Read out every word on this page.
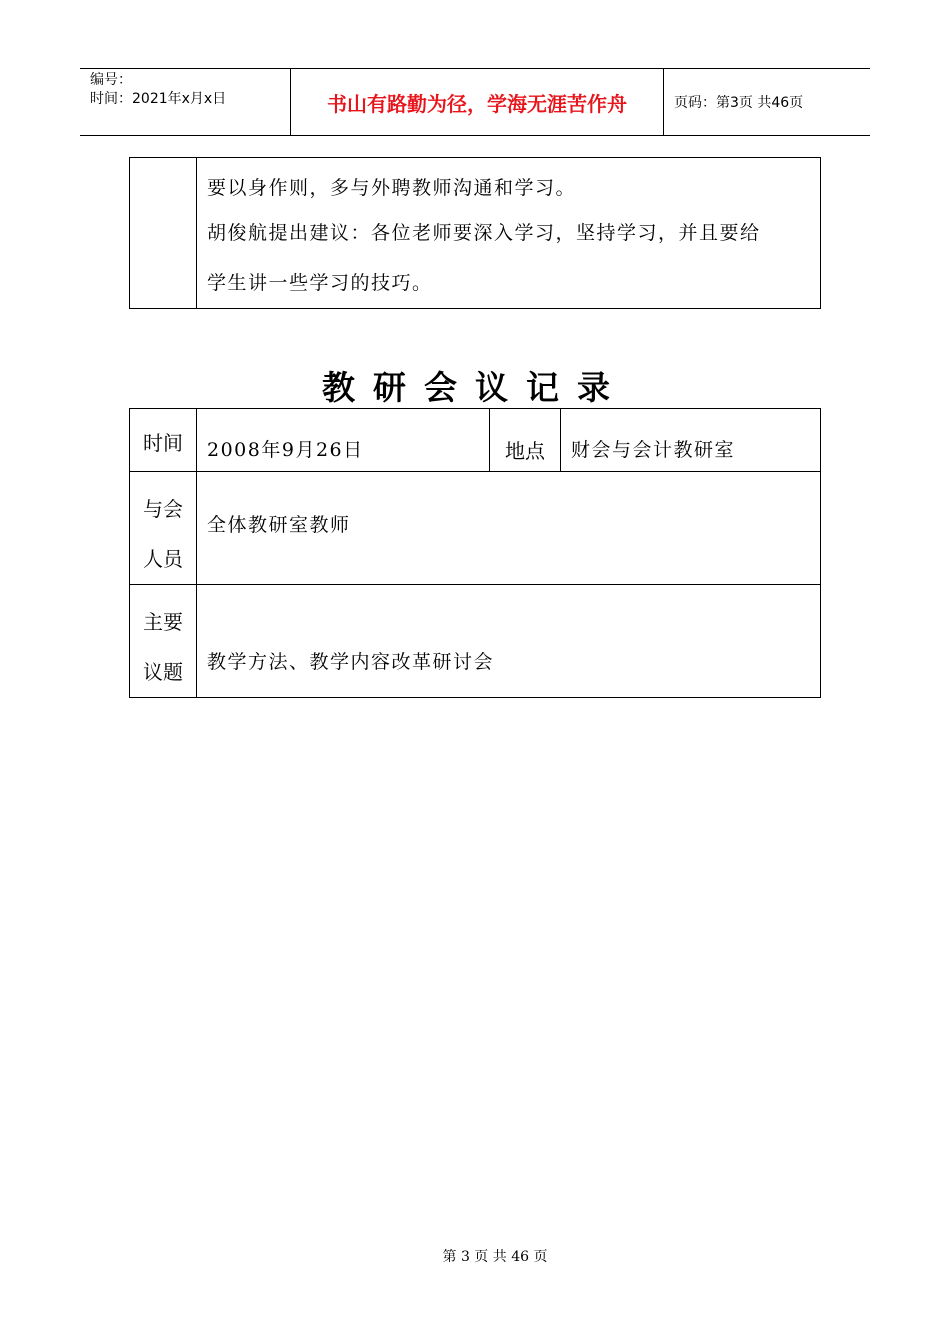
编号：
时间：2021年x月x日	书山有路勤为径，学海无涯苦作舟	页码：第3页 共46页

要以身作则，多与外聘教师沟通和学习。

胡俊航提出建议：各位老师要深入学习，坚持学习，并且要给

学生讲一些学习的技巧。

教研会议记录
时间	2008年9月26日	地点	财会与会计教研室

与会
人员	全体教研室教师		

主要
议题	教学方法、教学内容改革研讨会		
第 3 页 共 46 页
